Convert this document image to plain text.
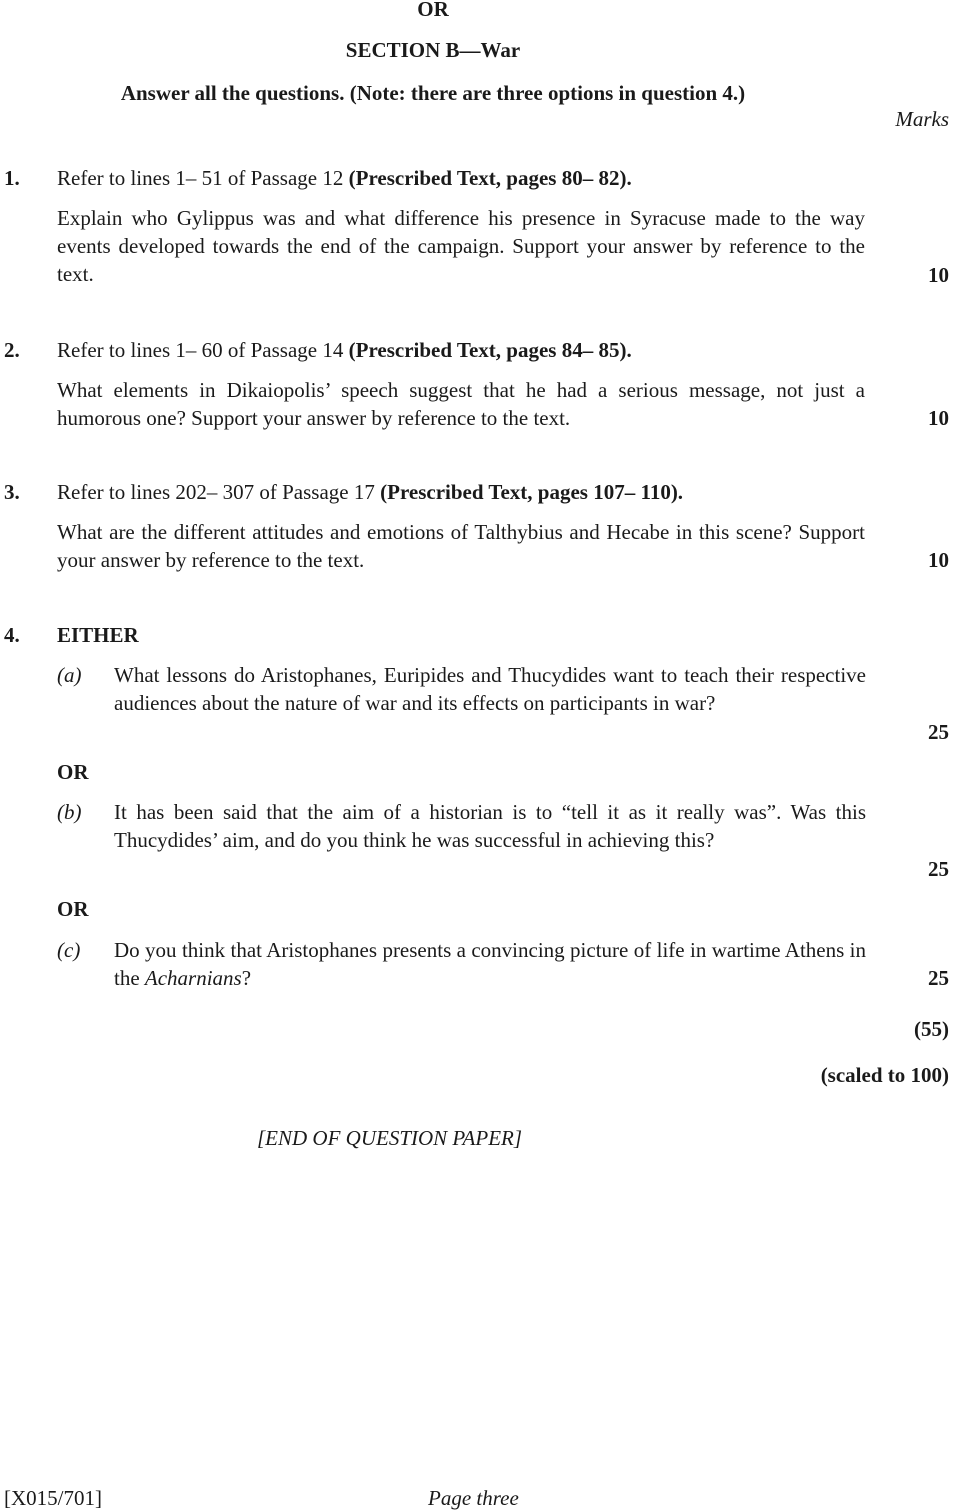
OR
SECTION B—War
Answer all the questions. (Note: there are three options in question 4.)
Marks
1. Refer to lines 1– 51 of Passage 12 (Prescribed Text, pages 80– 82).
Explain who Gylippus was and what difference his presence in Syracuse made to the way events developed towards the end of the campaign. Support your answer by reference to the text.	10
2. Refer to lines 1– 60 of Passage 14 (Prescribed Text, pages 84– 85).
What elements in Dikaiopolis’ speech suggest that he had a serious message, not just a humorous one? Support your answer by reference to the text.	10
3. Refer to lines 202– 307 of Passage 17 (Prescribed Text, pages 107– 110).
What are the different attitudes and emotions of Talthybius and Hecabe in this scene? Support your answer by reference to the text.	10
4. EITHER
(a) What lessons do Aristophanes, Euripides and Thucydides want to teach their respective audiences about the nature of war and its effects on participants in war?
25
OR
(b) It has been said that the aim of a historian is to “tell it as it really was”. Was this Thucydides’ aim, and do you think he was successful in achieving this?
25
OR
(c) Do you think that Aristophanes presents a convincing picture of life in wartime Athens in the Acharnians?	25
(55)
(scaled to 100)
[END OF QUESTION PAPER]
[X015/701]	Page three
